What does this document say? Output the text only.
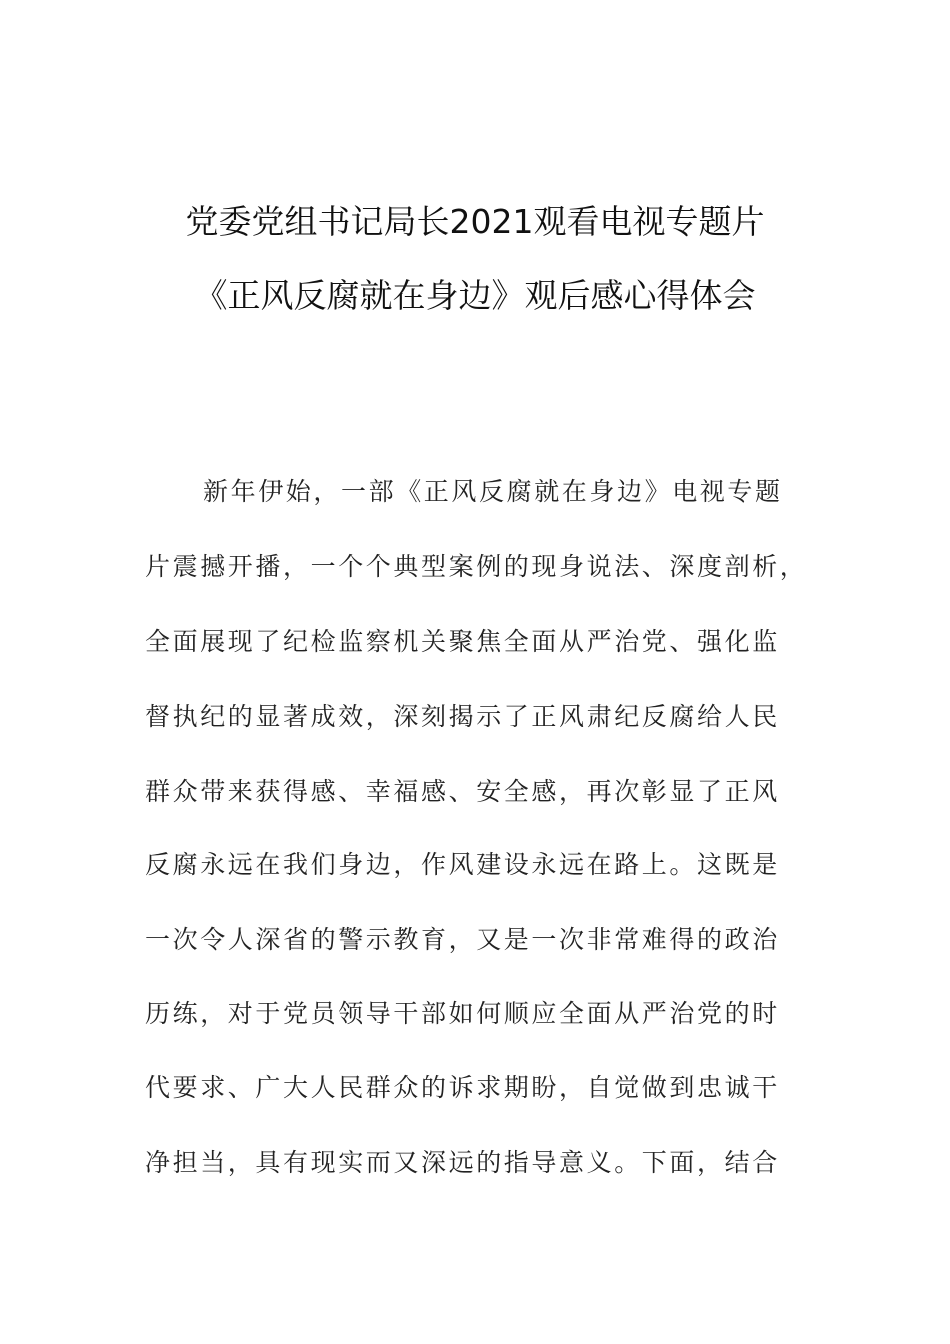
党委党组书记局长2021观看电视专题片
《正风反腐就在身边》观后感心得体会
新年伊始，一部《正风反腐就在身边》电视专题
片震撼开播，一个个典型案例的现身说法、深度剖析，
全面展现了纪检监察机关聚焦全面从严治党、强化监
督执纪的显著成效，深刻揭示了正风肃纪反腐给人民
群众带来获得感、幸福感、安全感，再次彰显了正风
反腐永远在我们身边，作风建设永远在路上。这既是
一次令人深省的警示教育，又是一次非常难得的政治
历练，对于党员领导干部如何顺应全面从严治党的时
代要求、广大人民群众的诉求期盼，自觉做到忠诚干
净担当，具有现实而又深远的指导意义。下面，结合
